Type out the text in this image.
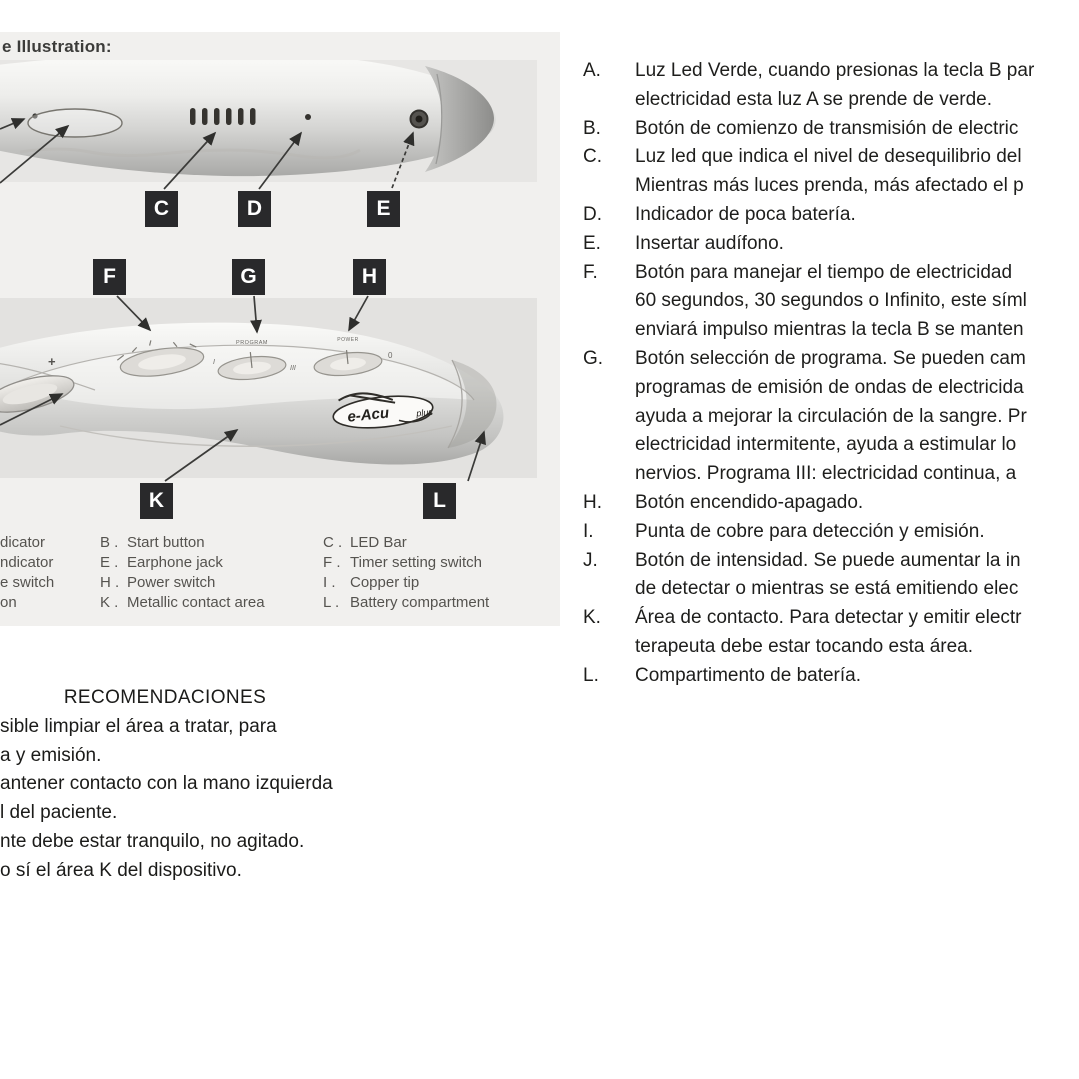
e Illustration:
+
PROGRAM
I
III
POWER
0
e-Acu	plus
C	D	E
F	G	H
K	L
dicator	B . Start button	C . LED Bar
ndicator	E . Earphone jack	F . Timer setting switch
e switch	H . Power switch	I . Copper tip
on	K . Metallic contact area	L . Battery compartment
A. Luz Led Verde, cuando presionas la tecla B par
electricidad esta luz A se prende de verde.
B. Botón de comienzo de transmisión de electric
C. Luz led que indica el nivel de desequilibrio del
Mientras más luces prenda, más afectado el p
D. Indicador de poca batería.
E. Insertar audífono.
F. Botón para manejar el tiempo de electricidad
60 segundos, 30 segundos o Infinito, este síml
enviará impulso mientras la tecla B se manten
G. Botón selección de programa. Se pueden cam
programas de emisión de ondas de electricida
ayuda a mejorar la circulación de la sangre. Pr
electricidad intermitente, ayuda a estimular lo
nervios. Programa III: electricidad continua, a
H. Botón encendido-apagado.
I. Punta de cobre para detección y emisión.
J. Botón de intensidad. Se puede aumentar la in
de detectar o mientras se está emitiendo elec
K. Área de contacto. Para detectar y emitir electr
terapeuta debe estar tocando esta área.
L. Compartimento de batería.
RECOMENDACIONES
sible limpiar el área a tratar, para
a y emisión.
antener contacto con la mano izquierda
l del paciente.
nte debe estar tranquilo, no agitado.
o sí el área K del dispositivo.
